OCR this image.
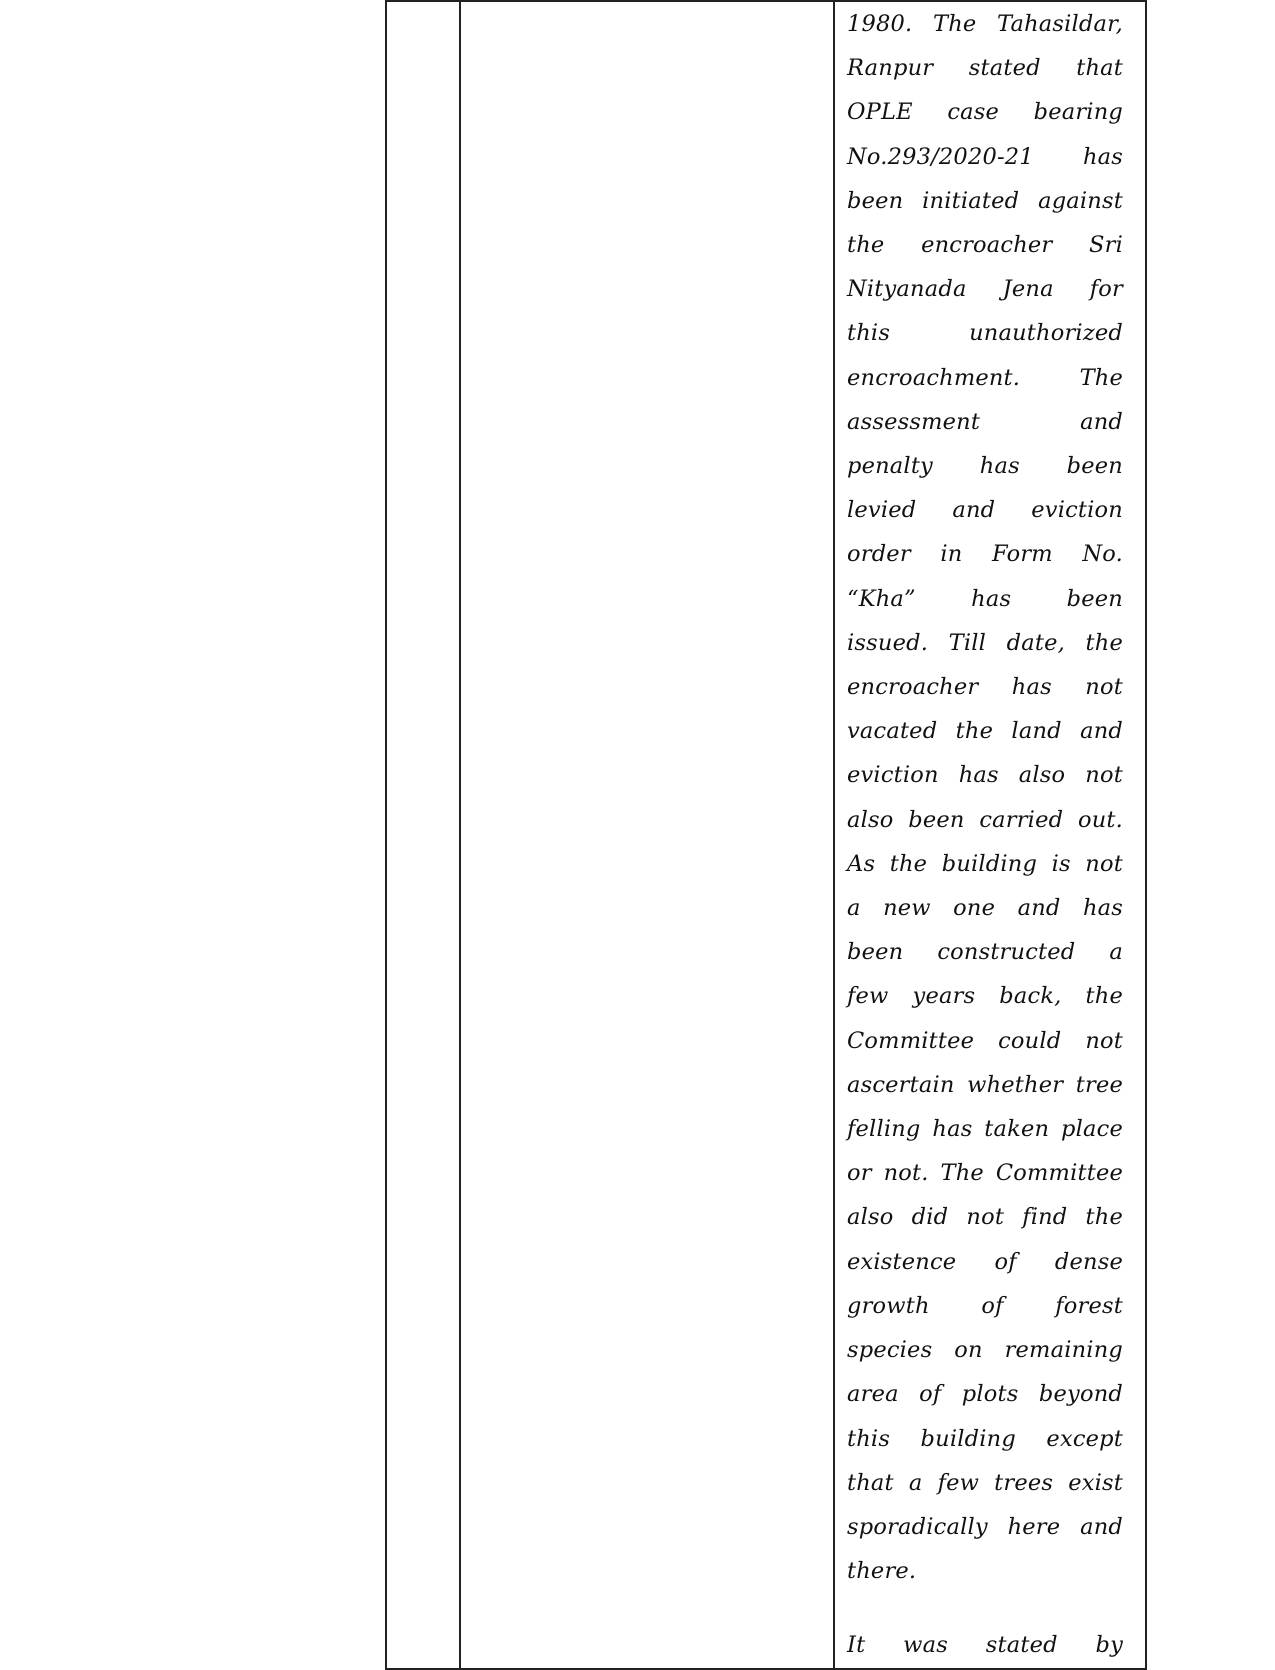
1980. The Tahasildar,
Ranpur stated that
OPLE case bearing
No.293/2020-21 has
been initiated against
the encroacher Sri
Nityanada Jena for
this unauthorized
encroachment. The
assessment and
penalty has been
levied and eviction
order in Form No.
“Kha” has been
issued. Till date, the
encroacher has not
vacated the land and
eviction has also not
also been carried out.
As the building is not
a new one and has
been constructed a
few years back, the
Committee could not
ascertain whether tree
felling has taken place
or not. The Committee
also did not find the
existence of dense
growth of forest
species on remaining
area of plots beyond
this building except
that a few trees exist
sporadically here and
there.
It was stated by
